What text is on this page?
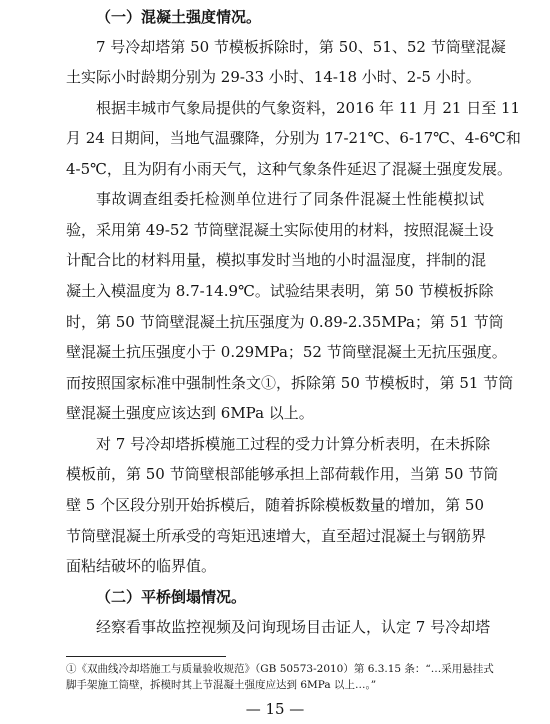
（一）混凝土强度情况。
7 号冷却塔第 50 节模板拆除时，第 50、51、52 节筒壁混凝
土实际小时龄期分别为 29-33 小时、14-18 小时、2-5 小时。
根据丰城市气象局提供的气象资料，2016 年 11 月 21 日至 11
月 24 日期间，当地气温骤降，分别为 17-21℃、6-17℃、4-6℃和
4-5℃，且为阴有小雨天气，这种气象条件延迟了混凝土强度发展。
事故调查组委托检测单位进行了同条件混凝土性能模拟试
验，采用第 49-52 节筒壁混凝土实际使用的材料，按照混凝土设
计配合比的材料用量，模拟事发时当地的小时温湿度，拌制的混
凝土入模温度为 8.7-14.9℃。试验结果表明，第 50 节模板拆除
时，第 50 节筒壁混凝土抗压强度为 0.89-2.35MPa；第 51 节筒
壁混凝土抗压强度小于 0.29MPa；52 节筒壁混凝土无抗压强度。
而按照国家标准中强制性条文①，拆除第 50 节模板时，第 51 节筒
壁混凝土强度应该达到 6MPa 以上。
对 7 号冷却塔拆模施工过程的受力计算分析表明，在未拆除
模板前，第 50 节筒壁根部能够承担上部荷载作用，当第 50 节筒
壁 5 个区段分别开始拆模后，随着拆除模板数量的增加，第 50
节筒壁混凝土所承受的弯矩迅速增大，直至超过混凝土与钢筋界
面粘结破坏的临界值。
（二）平桥倒塌情况。
经察看事故监控视频及问询现场目击证人，认定 7 号冷却塔
①《双曲线冷却塔施工与质量验收规范》（GB 50573-2010）第 6.3.15 条：“…采用悬挂式
脚手架施工筒壁，拆模时其上节混凝土强度应达到 6MPa 以上…。”
— 15 —
